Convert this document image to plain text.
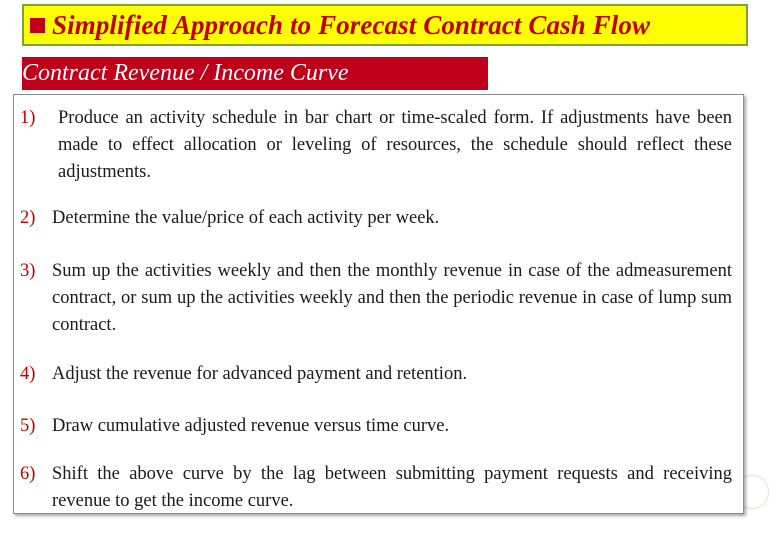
Simplified Approach to Forecast Contract Cash Flow
Contract Revenue / Income Curve
1)	Produce an activity schedule in bar chart or time-scaled form. If adjustments have been made to effect allocation or leveling of resources, the schedule should reflect these adjustments.
2) Determine the value/price of each activity per week.
3) Sum up the activities weekly and then the monthly revenue in case of the admeasurement contract, or sum up the activities weekly and then the periodic revenue in case of lump sum contract.
4) Adjust the revenue for advanced payment and retention.
5) Draw cumulative adjusted revenue versus time curve.
6) Shift the above curve by the lag between submitting payment requests and receiving revenue to get the income curve.
